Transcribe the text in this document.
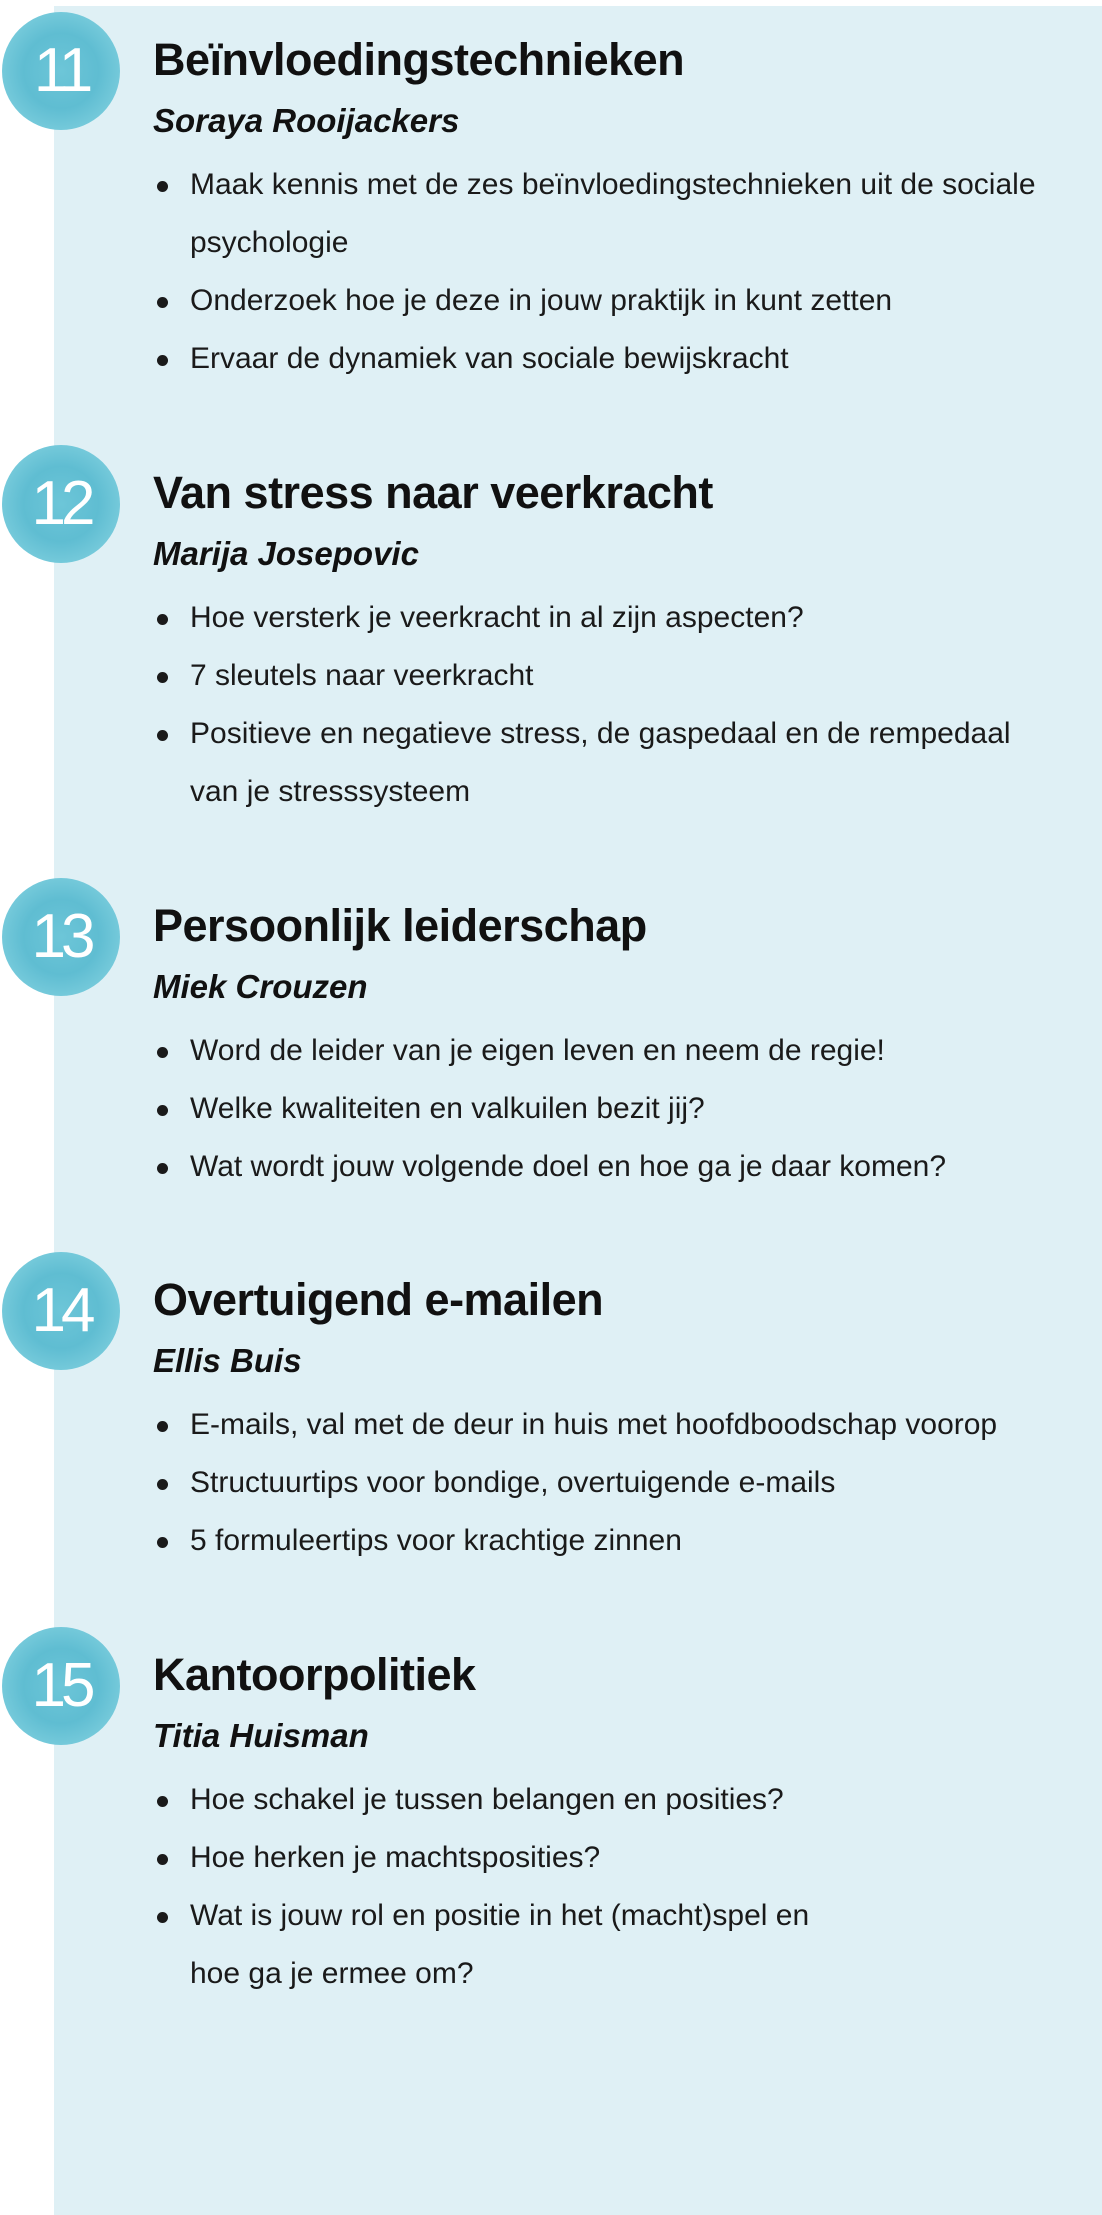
11	Beïnvloedingstechnieken

Soraya Rooijackers

Maak kennis met de zes beïnvloedingstechnieken uit de sociale psychologie
Onderzoek hoe je deze in jouw praktijk in kunt zetten
Ervaar de dynamiek van sociale bewijskracht
12	Van stress naar veerkracht

Marija Josepovic

Hoe versterk je veerkracht in al zijn aspecten?
7 sleutels naar veerkracht
Positieve en negatieve stress, de gaspedaal en de rempedaal van je stresssysteem
13	Persoonlijk leiderschap

Miek Crouzen

Word de leider van je eigen leven en neem de regie!
Welke kwaliteiten en valkuilen bezit jij?
Wat wordt jouw volgende doel en hoe ga je daar komen?
14	Overtuigend e-mailen

Ellis Buis

E-mails, val met de deur in huis met hoofdboodschap voorop
Structuurtips voor bondige, overtuigende e-mails
5 formuleertips voor krachtige zinnen
15	Kantoorpolitiek

Titia Huisman

Hoe schakel je tussen belangen en posities?
Hoe herken je machtsposities?
Wat is jouw rol en positie in het (macht)spel en hoe ga je ermee om?
